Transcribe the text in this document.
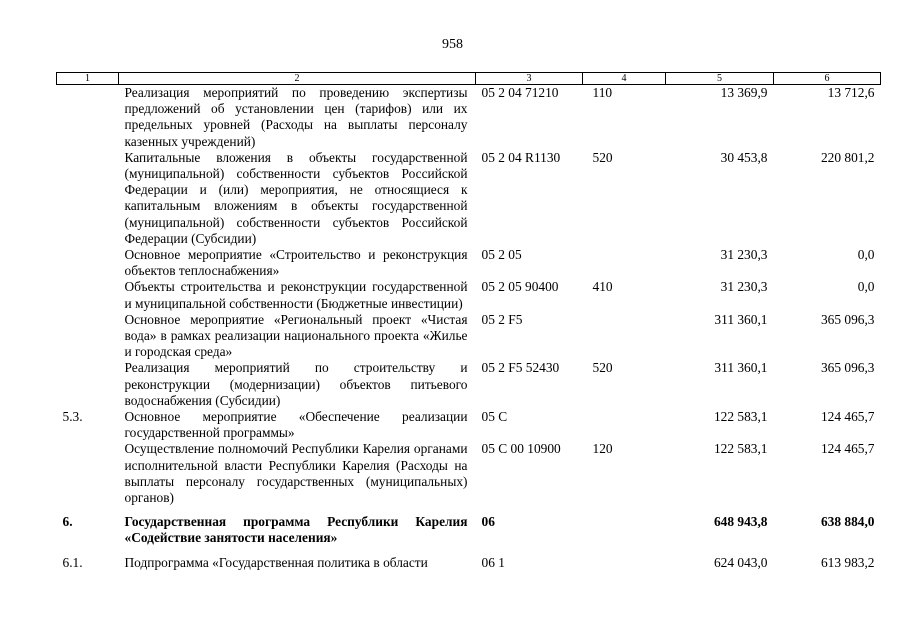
958
1	2	3	4	5	6
	Реализация мероприятий по проведению экспертизы предложений об установлении цен (тарифов) или их предельных уровней (Расходы на выплаты персоналу казенных учреждений)	05 2 04 71210	110	13 369,9	13 712,6
	Капитальные вложения в объекты государственной (муниципальной) собственности субъектов Российской Федерации и (или) мероприятия, не относящиеся к капитальным вложениям в объекты государственной (муниципальной) собственности субъектов Российской Федерации (Субсидии)	05 2 04 R1130	520	30 453,8	220 801,2
	Основное мероприятие «Строительство и реконструкция объектов теплоснабжения»	05 2 05		31 230,3	0,0
	Объекты строительства и реконструкции государственной и муниципальной собственности (Бюджетные инвестиции)	05 2 05 90400	410	31 230,3	0,0
	Основное мероприятие «Региональный проект «Чистая вода» в рамках реализации национального проекта «Жилье и городская среда»	05 2 F5		311 360,1	365 096,3
	Реализация мероприятий по строительству и реконструкции (модернизации) объектов питьевого водоснабжения (Субсидии)	05 2 F5 52430	520	311 360,1	365 096,3
5.3.	Основное мероприятие «Обеспечение реализации государственной программы»	05 С		122 583,1	124 465,7
	Осуществление полномочий Республики Карелия органами исполнительной власти Республики Карелия (Расходы на выплаты персоналу государственных (муниципальных) органов)	05 С 00 10900	120	122 583,1	124 465,7
6.	Государственная программа Республики Карелия «Содействие занятости населения»	06		648 943,8	638 884,0
6.1.	Подпрограмма «Государственная политика в области	06 1		624 043,0	613 983,2
